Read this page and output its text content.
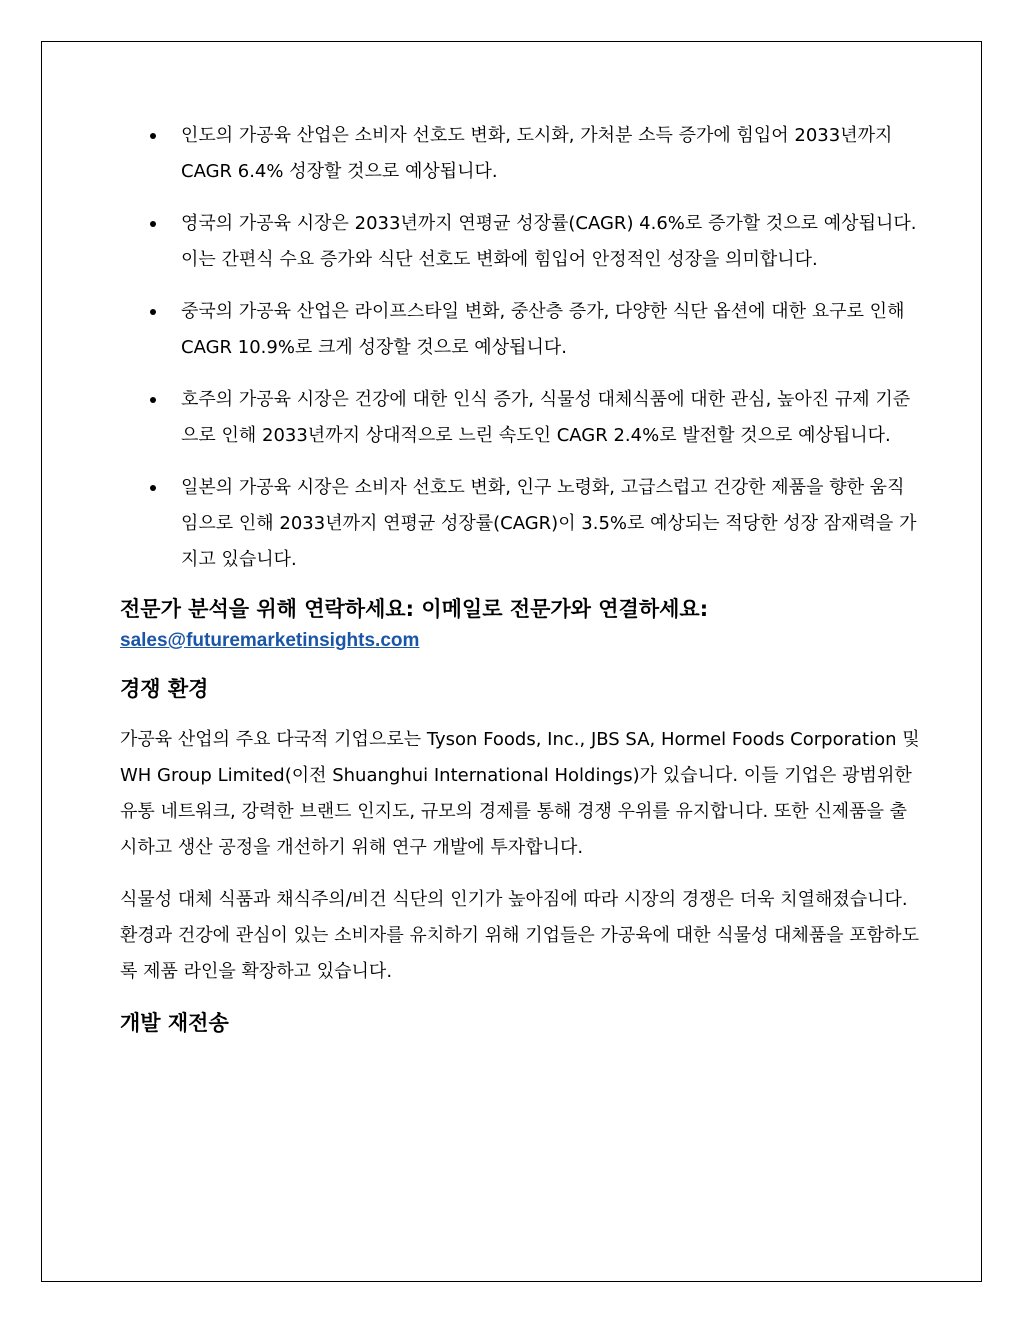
인도의 가공육 산업은 소비자 선호도 변화, 도시화, 가처분 소득 증가에 힘입어 2033년까지 CAGR 6.4% 성장할 것으로 예상됩니다.
영국의 가공육 시장은 2033년까지 연평균 성장률(CAGR) 4.6%로 증가할 것으로 예상됩니다. 이는 간편식 수요 증가와 식단 선호도 변화에 힘입어 안정적인 성장을 의미합니다.
중국의 가공육 산업은 라이프스타일 변화, 중산층 증가, 다양한 식단 옵션에 대한 요구로 인해 CAGR 10.9%로 크게 성장할 것으로 예상됩니다.
호주의 가공육 시장은 건강에 대한 인식 증가, 식물성 대체식품에 대한 관심, 높아진 규제 기준으로 인해 2033년까지 상대적으로 느린 속도인 CAGR 2.4%로 발전할 것으로 예상됩니다.
일본의 가공육 시장은 소비자 선호도 변화, 인구 노령화, 고급스럽고 건강한 제품을 향한 움직임으로 인해 2033년까지 연평균 성장률(CAGR)이 3.5%로 예상되는 적당한 성장 잠재력을 가지고 있습니다.
전문가 분석을 위해 연락하세요: 이메일로 전문가와 연결하세요:
sales@futuremarketinsights.com
경쟁 환경

가공육 산업의 주요 다국적 기업으로는 Tyson Foods, Inc., JBS SA, Hormel Foods Corporation 및 WH Group Limited(이전 Shuanghui International Holdings)가 있습니다. 이들 기업은 광범위한 유통 네트워크, 강력한 브랜드 인지도, 규모의 경제를 통해 경쟁 우위를 유지합니다. 또한 신제품을 출시하고 생산 공정을 개선하기 위해 연구 개발에 투자합니다.

식물성 대체 식품과 채식주의/비건 식단의 인기가 높아짐에 따라 시장의 경쟁은 더욱 치열해졌습니다. 환경과 건강에 관심이 있는 소비자를 유치하기 위해 기업들은 가공육에 대한 식물성 대체품을 포함하도록 제품 라인을 확장하고 있습니다.

개발 재전송
